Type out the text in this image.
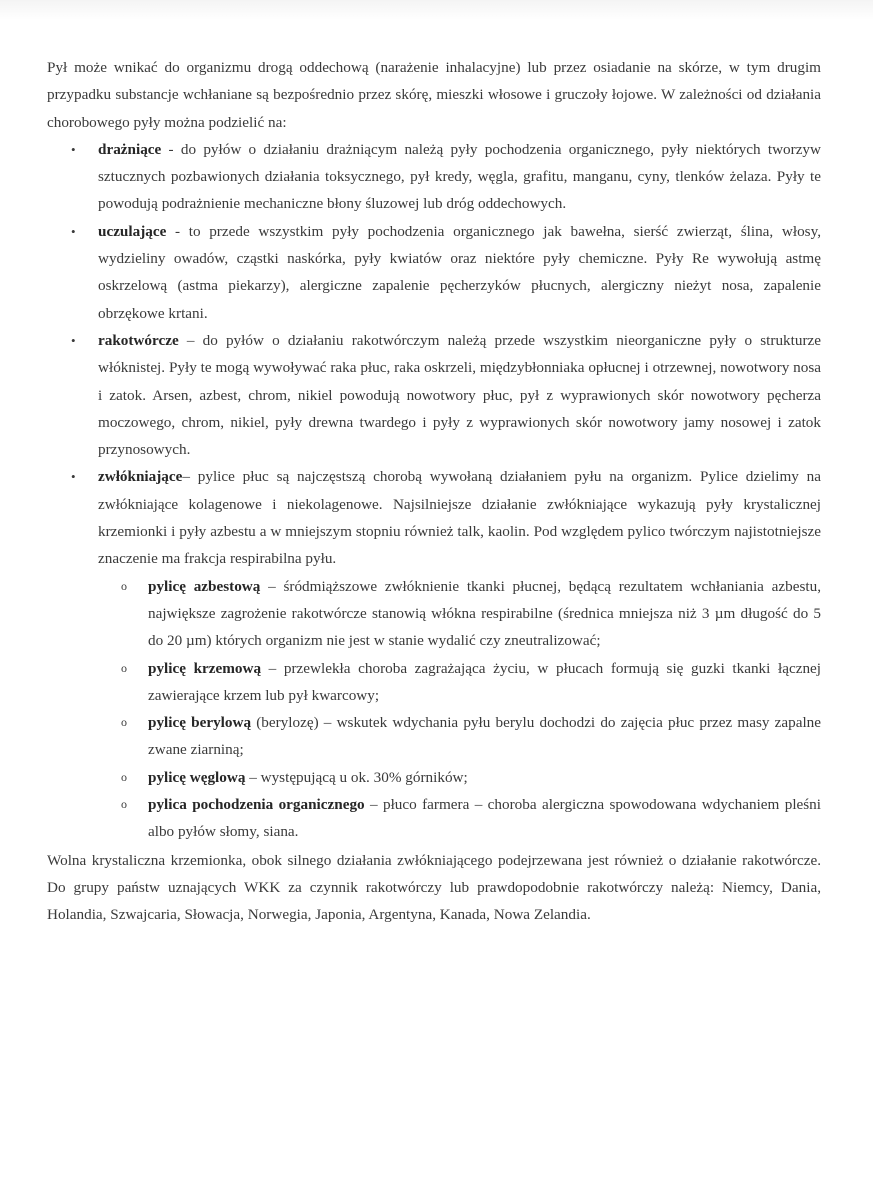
Pył może wnikać do organizmu drogą oddechową (narażenie inhalacyjne) lub przez osiadanie na skórze, w tym drugim przypadku substancje wchłaniane są bezpośrednio przez skórę, mieszki włosowe i gruczoły łojowe. W zależności od działania chorobowego pyły można podzielić na:

• drażniące - do pyłów o działaniu drażniącym należą pyły pochodzenia organicznego, pyły niektórych tworzyw sztucznych pozbawionych działania toksycznego, pył kredy, węgla, grafitu, manganu, cyny, tlenków żelaza. Pyły te powodują podrażnienie mechaniczne błony śluzowej lub dróg oddechowych.
• uczulające - to przede wszystkim pyły pochodzenia organicznego jak bawełna, sierść zwierząt, ślina, włosy, wydzieliny owadów, cząstki naskórka, pyły kwiatów oraz niektóre pyły chemiczne. Pyły Re wywołują astmę oskrzelową (astma piekarzy), alergiczne zapalenie pęcherzyków płucnych, alergiczny nieżyt nosa, zapalenie obrzękowe krtani.
• rakotwórcze – do pyłów o działaniu rakotwórczym należą przede wszystkim nieorganiczne pyły o strukturze włóknistej. Pyły te mogą wywoływać raka płuc, raka oskrzeli, międzybłonniaka opłucnej i otrzewnej, nowotwory nosa i zatok. Arsen, azbest, chrom, nikiel powodują nowotwory płuc, pył z wyprawionych skór nowotwory pęcherza moczowego, chrom, nikiel, pyły drewna twardego i pyły z wyprawionych skór nowotwory jamy nosowej i zatok przynosowych.
• zwłókniające– pylice płuc są najczęstszą chorobą wywołaną działaniem pyłu na organizm. Pylice dzielimy na zwłókniające kolagenowe i niekolagenowe. Najsilniejsze działanie zwłókniające wykazują pyły krystalicznej krzemionki i pyły azbestu a w mniejszym stopniu również talk, kaolin. Pod względem pylico twórczym najistotniejsze znaczenie ma frakcja respirabilna pyłu.
o pylicę azbestową – śródmiąższowe zwłóknienie tkanki płucnej, będącą rezultatem wchłaniania azbestu, największe zagrożenie rakotwórcze stanowią włókna respirabilne (średnica mniejsza niż 3 µm długość do 5 do 20 µm) których organizm nie jest w stanie wydalić czy zneutralizować;
o pylicę krzemową – przewlekła choroba zagrażająca życiu, w płucach formują się guzki tkanki łącznej zawierające krzem lub pył kwarcowy;
o pylicę berylową (berylozę) – wskutek wdychania pyłu berylu dochodzi do zajęcia płuc przez masy zapalne zwane ziarniną;
o pylicę węglową – występującą u ok. 30% górników;
o pylica pochodzenia organicznego – płuco farmera – choroba alergiczna spowodowana wdychaniem pleśni albo pyłów słomy, siana.

Wolna krystaliczna krzemionka, obok silnego działania zwłókniającego podejrzewana jest również o działanie rakotwórcze. Do grupy państw uznających WKK za czynnik rakotwórczy lub prawdopodobnie rakotwórczy należą: Niemcy, Dania, Holandia, Szwajcaria, Słowacja, Norwegia, Japonia, Argentyna, Kanada, Nowa Zelandia.
